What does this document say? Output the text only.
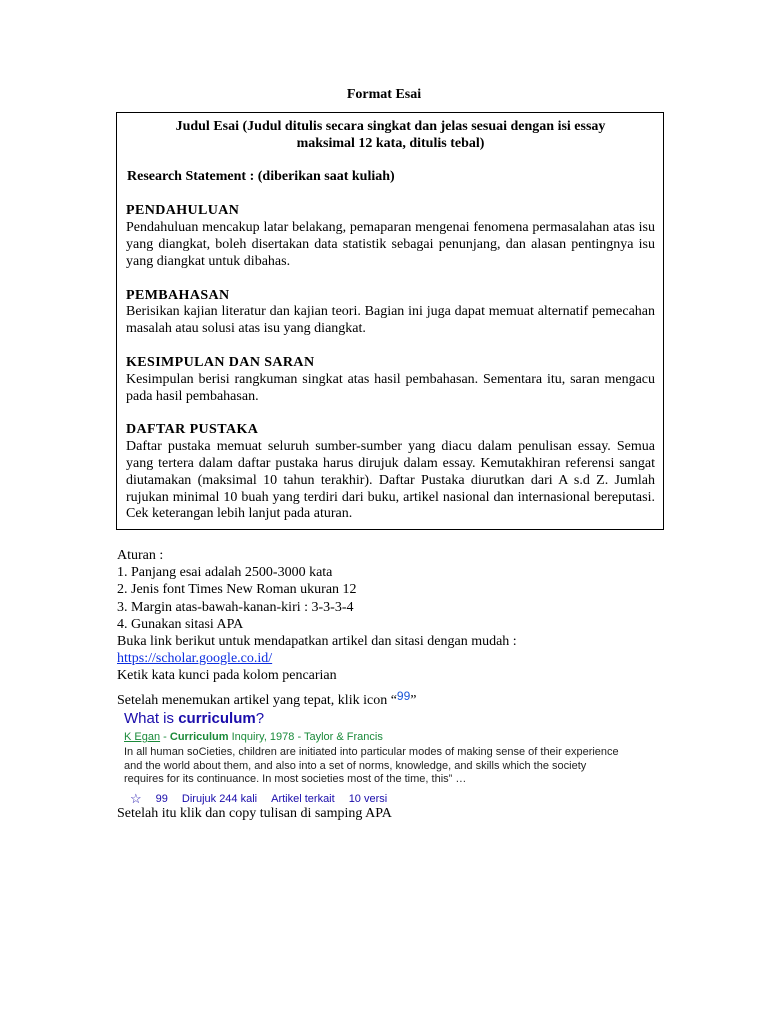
Format Esai
Judul Esai (Judul ditulis secara singkat dan jelas sesuai dengan isi essay
maksimal 12 kata, ditulis tebal)
Research Statement : (diberikan saat kuliah)
PENDAHULUAN
Pendahuluan mencakup latar belakang, pemaparan mengenai fenomena permasalahan atas isu yang diangkat, boleh disertakan data statistik sebagai penunjang, dan alasan pentingnya isu yang diangkat untuk dibahas.
PEMBAHASAN
Berisikan kajian literatur dan kajian teori. Bagian ini juga dapat memuat alternatif pemecahan masalah atau solusi atas isu yang diangkat.
KESIMPULAN DAN SARAN
Kesimpulan berisi rangkuman singkat atas hasil pembahasan. Sementara itu, saran mengacu pada hasil pembahasan.
DAFTAR PUSTAKA
Daftar pustaka memuat seluruh sumber-sumber yang diacu dalam penulisan essay. Semua yang tertera dalam daftar pustaka harus dirujuk dalam essay. Kemutakhiran referensi sangat diutamakan (maksimal 10 tahun terakhir). Daftar Pustaka diurutkan dari A s.d Z. Jumlah rujukan minimal 10 buah yang terdiri dari buku, artikel nasional dan internasional bereputasi. Cek keterangan lebih lanjut pada aturan.
Aturan :
1. Panjang esai adalah 2500-3000 kata
2. Jenis font Times New Roman ukuran 12
3. Margin atas-bawah-kanan-kiri : 3-3-3-4
4. Gunakan sitasi APA
Buka link berikut untuk mendapatkan artikel dan sitasi dengan mudah :
https://scholar.google.co.id/
Ketik kata kunci pada kolom pencarian
Setelah menemukan artikel yang tepat, klik icon “99”
What is curriculum?
K Egan - Curriculum Inquiry, 1978 - Taylor & Francis
In all human soCieties, children are initiated into particular modes of making sense of their experience and the world about them, and also into a set of norms, knowledge, and skills which the society requires for its continuance. In most societies most of the time, this” …
☆ 99 Dirujuk 244 kali Artikel terkait 10 versi
Setelah itu klik dan copy tulisan di samping APA
